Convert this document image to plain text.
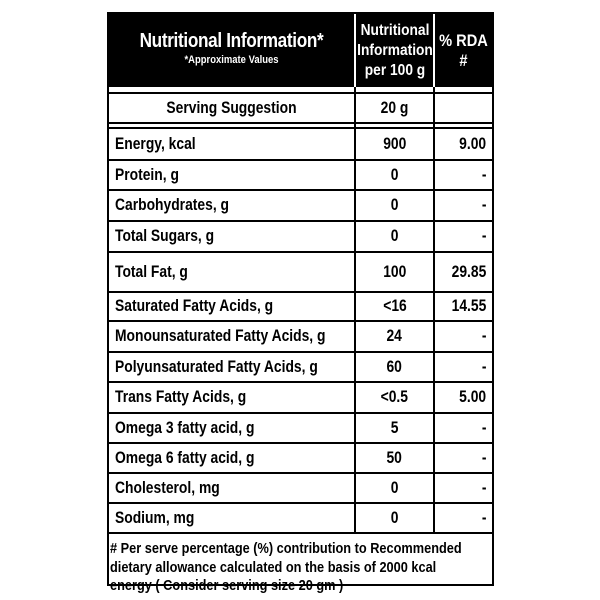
Nutritional Information*
*Approximate Values
Nutritional
Information
per 100 g
% RDA #
Serving Suggestion	20 g
Energy, kcal	900	9.00
Protein, g	0	-
Carbohydrates, g	0	-
Total Sugars, g	0	-
Total Fat, g	100	29.85
Saturated Fatty Acids, g	<16	14.55
Monounsaturated Fatty Acids, g	24	-
Polyunsaturated Fatty Acids, g	60	-
Trans Fatty Acids, g	<0.5	5.00
Omega 3 fatty acid, g	5	-
Omega 6 fatty acid, g	50	-
Cholesterol, mg	0	-
Sodium, mg	0	-
# Per serve percentage (%) contribution to Recommended
dietary allowance calculated on the basis of 2000 kcal
energy ( Consider serving size 20 gm )
